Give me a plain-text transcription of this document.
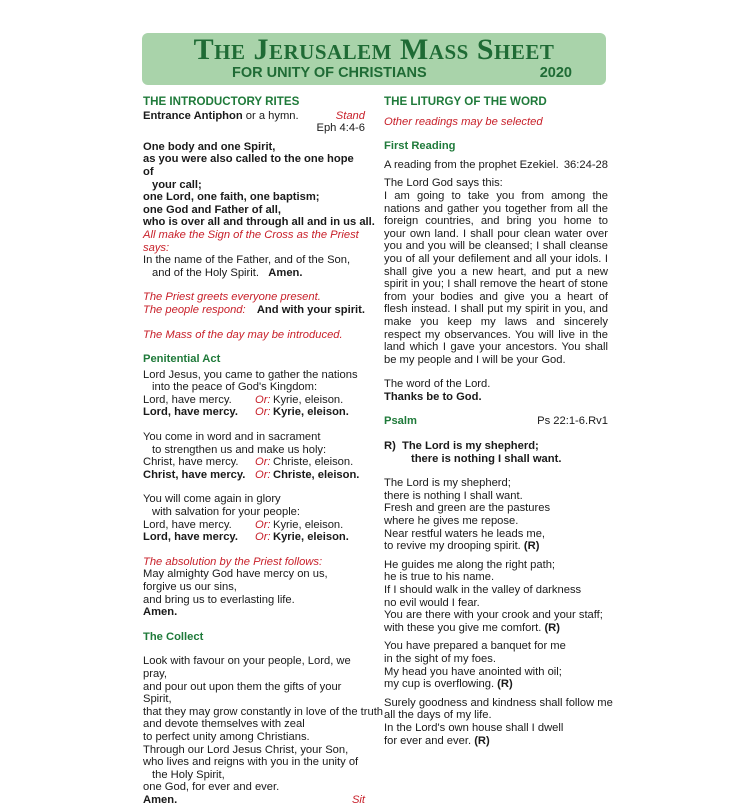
The Jerusalem Mass Sheet
FOR UNITY OF CHRISTIANS	2020
THE INTRODUCTORY RITES
Entrance Antiphon or a hymn.	Stand
Eph 4:4-6
One body and one Spirit,
as you were also called to the one hope of
your call;
one Lord, one faith, one baptism;
one God and Father of all,
who is over all and through all and in us all.
All make the Sign of the Cross as the Priest says:
In the name of the Father, and of the Son,
and of the Holy Spirit. Amen.
The Priest greets everyone present.
The people respond: And with your spirit.
The Mass of the day may be introduced.
Penitential Act
Lord Jesus, you came to gather the nations
into the peace of God's Kingdom:
Lord, have mercy.	Or: Kyrie, eleison.
Lord, have mercy.	Or: Kyrie, eleison.
You come in word and in sacrament
to strengthen us and make us holy:
Christ, have mercy.	Or: Christe, eleison.
Christ, have mercy. Or: Christe, eleison.
You will come again in glory
with salvation for your people:
Lord, have mercy.	Or: Kyrie, eleison.
Lord, have mercy.	Or: Kyrie, eleison.
The absolution by the Priest follows:
May almighty God have mercy on us,
forgive us our sins,
and bring us to everlasting life.
Amen.
The Collect
Look with favour on your people, Lord, we pray,
and pour out upon them the gifts of your Spirit,
that they may grow constantly in love of the truth
and devote themselves with zeal
to perfect unity among Christians.
Through our Lord Jesus Christ, your Son,
who lives and reigns with you in the unity of
the Holy Spirit,
one God, for ever and ever.
Amen.	Sit
THE LITURGY OF THE WORD
Other readings may be selected
First Reading
A reading from the prophet Ezekiel. 36:24-28
The Lord God says this:
I am going to take you from among the nations and gather you together from all the foreign countries, and bring you home to your own land. I shall pour clean water over you and you will be cleansed; I shall cleanse you of all your defilement and all your idols. I shall give you a new heart, and put a new spirit in you; I shall remove the heart of stone from your bodies and give you a heart of flesh instead. I shall put my spirit in you, and make you keep my laws and sincerely respect my observances. You will live in the land which I gave your ancestors. You shall be my people and I will be your God.
The word of the Lord.
Thanks be to God.
Psalm	Ps 22:1-6.Rv1
R) The Lord is my shepherd;
there is nothing I shall want.
The Lord is my shepherd;
there is nothing I shall want.
Fresh and green are the pastures
where he gives me repose.
Near restful waters he leads me,
to revive my drooping spirit. (R)
He guides me along the right path;
he is true to his name.
If I should walk in the valley of darkness
no evil would I fear.
You are there with your crook and your staff;
with these you give me comfort. (R)
You have prepared a banquet for me
in the sight of my foes.
My head you have anointed with oil;
my cup is overflowing. (R)
Surely goodness and kindness shall follow me
all the days of my life.
In the Lord's own house shall I dwell
for ever and ever. (R)
